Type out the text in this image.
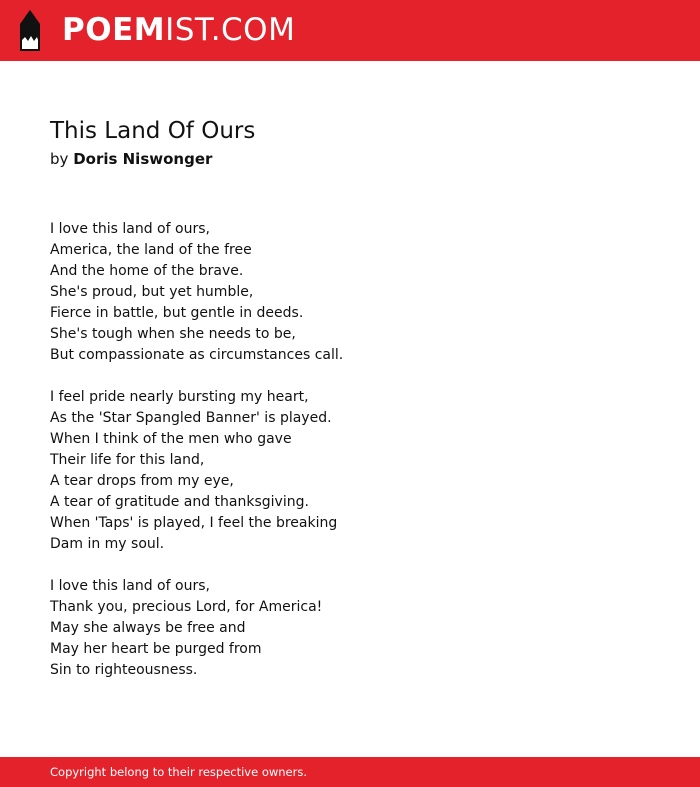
POEMIST.COM
This Land Of Ours
by Doris Niswonger
I love this land of ours,
America, the land of the free
And the home of the brave.
She's proud, but yet humble,
Fierce in battle, but gentle in deeds.
She's tough when she needs to be,
But compassionate as circumstances call.
I feel pride nearly bursting my heart,
As the 'Star Spangled Banner' is played.
When I think of the men who gave
Their life for this land,
A tear drops from my eye,
A tear of gratitude and thanksgiving.
When 'Taps' is played, I feel the breaking
Dam in my soul.
I love this land of ours,
Thank you, precious Lord, for America!
May she always be free and
May her heart be purged from
Sin to righteousness.
Copyright belong to their respective owners.
